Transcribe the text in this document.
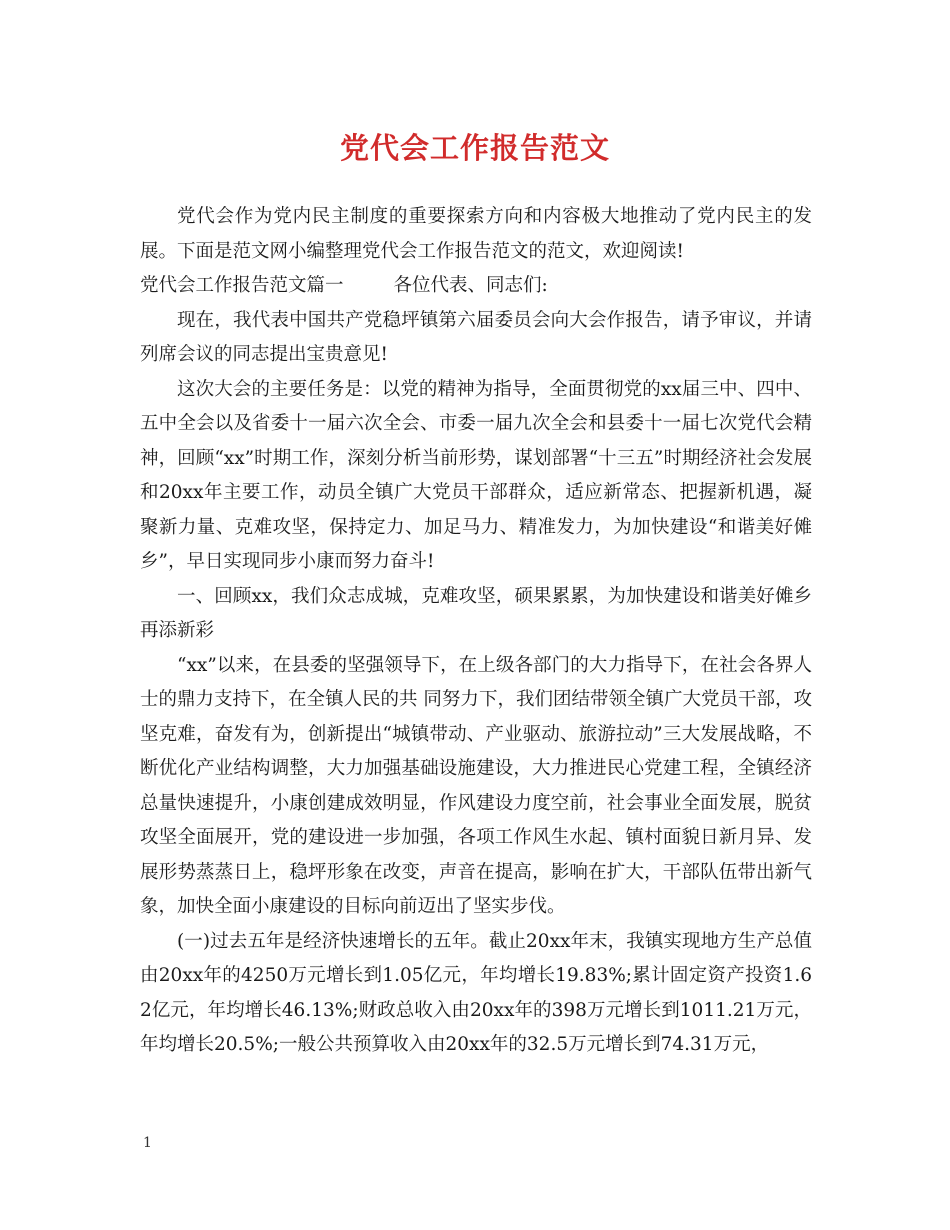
党代会工作报告范文

党代会作为党内民主制度的重要探索方向和内容极大地推动了党内民主的发展。下面是范文网小编整理党代会工作报告范文的范文，欢迎阅读!

党代会工作报告范文篇一	各位代表、同志们:

现在，我代表中国共产党稳坪镇第六届委员会向大会作报告，请予审议，并请列席会议的同志提出宝贵意见!

这次大会的主要任务是：以党的精神为指导，全面贯彻党的xx届三中、四中、五中全会以及省委十一届六次全会、市委一届九次全会和县委十一届七次党代会精神，回顾“xx”时期工作，深刻分析当前形势，谋划部署“十三五”时期经济社会发展和20xx年主要工作，动员全镇广大党员干部群众，适应新常态、把握新机遇，凝聚新力量、克难攻坚，保持定力、加足马力、精准发力，为加快建设“和谐美好傩乡”，早日实现同步小康而努力奋斗!

一、回顾xx，我们众志成城，克难攻坚，硕果累累，为加快建设和谐美好傩乡再添新彩

“xx”以来，在县委的坚强领导下，在上级各部门的大力指导下，在社会各界人士的鼎力支持下，在全镇人民的共 同努力下，我们团结带领全镇广大党员干部，攻坚克难，奋发有为，创新提出“城镇带动、产业驱动、旅游拉动”三大发展战略，不断优化产业结构调整，大力加强基础设施建设，大力推进民心党建工程，全镇经济总量快速提升，小康创建成效明显，作风建设力度空前，社会事业全面发展，脱贫攻坚全面展开，党的建设进一步加强，各项工作风生水起、镇村面貌日新月异、发展形势蒸蒸日上，稳坪形象在改变，声音在提高，影响在扩大，干部队伍带出新气象，加快全面小康建设的目标向前迈出了坚实步伐。

(一)过去五年是经济快速增长的五年。截止20xx年末，我镇实现地方生产总值由20xx年的4250万元增长到1.05亿元，年均增长19.83%;累计固定资产投资1.62亿元，年均增长46.13%;财政总收入由20xx年的398万元增长到1011.21万元，年均增长20.5%;一般公共预算收入由20xx年的32.5万元增长到74.31万元，

1
